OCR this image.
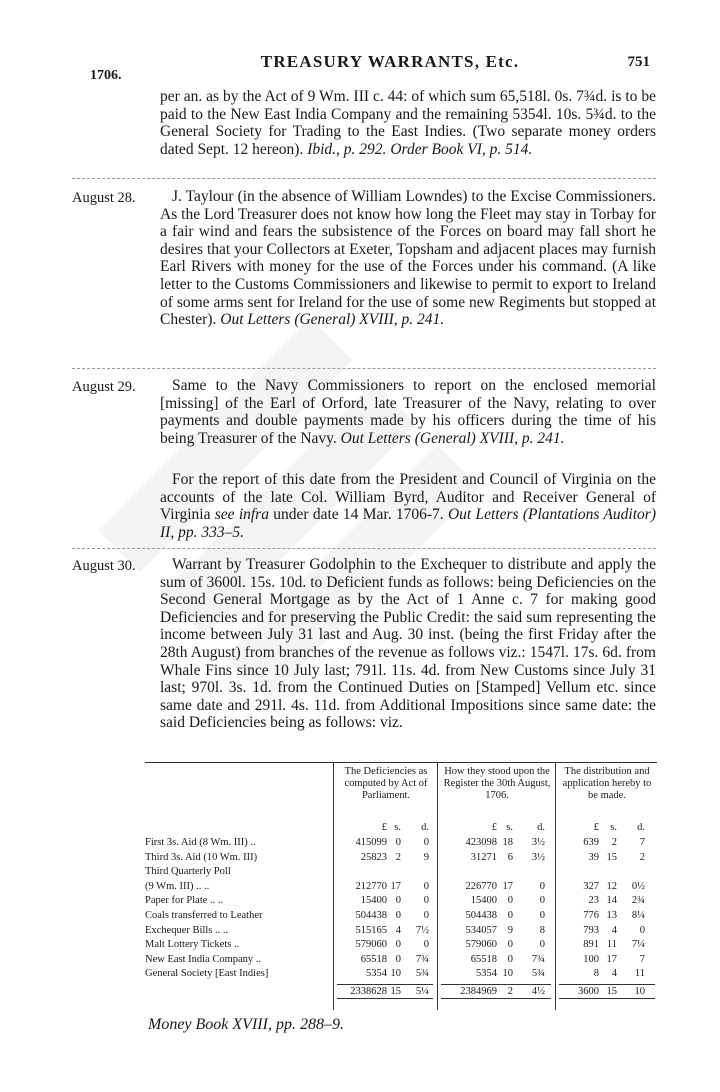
TREASURY WARRANTS, Etc.	751
1706.
per an. as by the Act of 9 Wm. III c. 44: of which sum 65,518l. 0s. 7¾d. is to be paid to the New East India Company and the remaining 5354l. 10s. 5¾d. to the General Society for Trading to the East Indies. (Two separate money orders dated Sept. 12 hereon). Ibid., p. 292. Order Book VI, p. 514.
August 28.	J. Taylour (in the absence of William Lowndes) to the Excise Commissioners. As the Lord Treasurer does not know how long the Fleet may stay in Torbay for a fair wind and fears the subsistence of the Forces on board may fall short he desires that your Collectors at Exeter, Topsham and adjacent places may furnish Earl Rivers with money for the use of the Forces under his command. (A like letter to the Customs Commissioners and likewise to permit to export to Ireland of some arms sent for Ireland for the use of some new Regiments but stopped at Chester). Out Letters (General) XVIII, p. 241.
August 29.	Same to the Navy Commissioners to report on the enclosed memorial [missing] of the Earl of Orford, late Treasurer of the Navy, relating to over payments and double payments made by his officers during the time of his being Treasurer of the Navy. Out Letters (General) XVIII, p. 241.
For the report of this date from the President and Council of Virginia on the accounts of the late Col. William Byrd, Auditor and Receiver General of Virginia see infra under date 14 Mar. 1706-7. Out Letters (Plantations Auditor) II, pp. 333–5.
August 30.	Warrant by Treasurer Godolphin to the Exchequer to distribute and apply the sum of 3600l. 15s. 10d. to Deficient funds as follows: being Deficiencies on the Second General Mortgage as by the Act of 1 Anne c. 7 for making good Deficiencies and for preserving the Public Credit: the said sum representing the income between July 31 last and Aug. 30 inst. (being the first Friday after the 28th August) from branches of the revenue as follows viz.: 1547l. 17s. 6d. from Whale Fins since 10 July last; 791l. 11s. 4d. from New Customs since July 31 last; 970l. 3s. 1d. from the Continued Duties on [Stamped] Vellum etc. since same date and 291l. 4s. 11d. from Additional Impositions since same date: the said Deficiencies being as follows: viz.
The Deficiencies as computed by Act of Parliament.
How they stood upon the Register the 30th August, 1706.
The distribution and application hereby to be made.
£ s.	d.	£ s.	d.	£	s.	d.
First 3s. Aid (8 Wm. III) ..	415099 0	0	423098 18	3½	639	2	7
Third 3s. Aid (10 Wm. III)	25823 2	9	31271	6	3½	39 15	2
Third Quarterly Poll
(9 Wm. III) .. ..	212770 17	0	226770 17	0	327 12	0½
Paper for Plate .. ..	15400 0	0	15400	0	0	23 14	2¾
Coals transferred to Leather	504438 0	0	504438	0	0	776 13	8¼
Exchequer Bills .. ..	515165 4	7½	534057	9	8	793	4	0
Malt Lottery Tickets ..	579060 0	0	579060	0	0	891 11	7¼
New East India Company ..	65518 0	7¾	65518	0	7¾	100 17	7
General Society [East Indies]	5354 10	5¾	5354 10	5¾	8	4	11
2338628 15	5¼	2384969	2	4½	3600 15	10
Money Book XVIII, pp. 288–9.
